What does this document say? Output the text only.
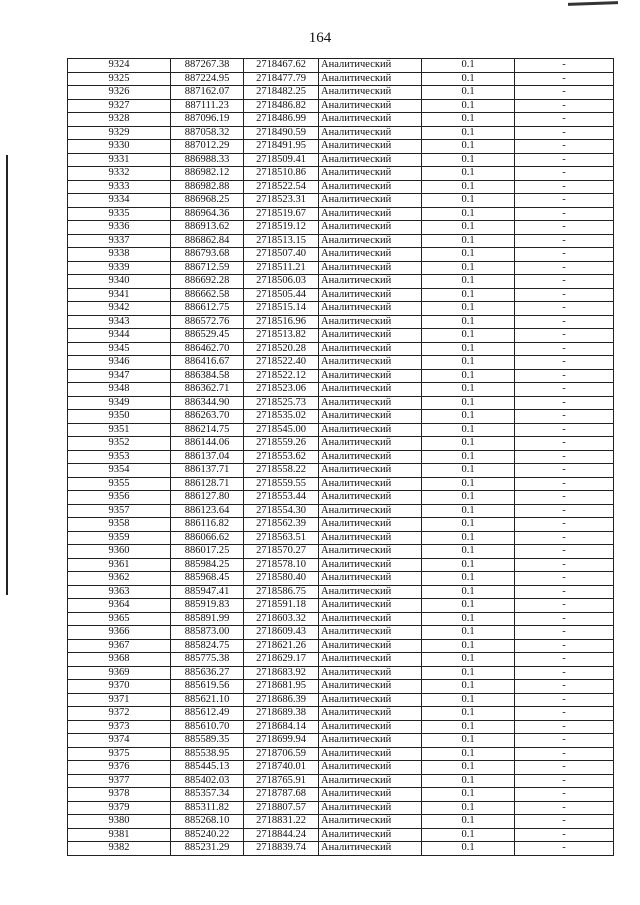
164
9324	887267.38	2718467.62	Аналитический	0.1	-
9325	887224.95	2718477.79	Аналитический	0.1	-
9326	887162.07	2718482.25	Аналитический	0.1	-
9327	887111.23	2718486.82	Аналитический	0.1	-
9328	887096.19	2718486.99	Аналитический	0.1	-
9329	887058.32	2718490.59	Аналитический	0.1	-
9330	887012.29	2718491.95	Аналитический	0.1	-
9331	886988.33	2718509.41	Аналитический	0.1	-
9332	886982.12	2718510.86	Аналитический	0.1	-
9333	886982.88	2718522.54	Аналитический	0.1	-
9334	886968.25	2718523.31	Аналитический	0.1	-
9335	886964.36	2718519.67	Аналитический	0.1	-
9336	886913.62	2718519.12	Аналитический	0.1	-
9337	886862.84	2718513.15	Аналитический	0.1	-
9338	886793.68	2718507.40	Аналитический	0.1	-
9339	886712.59	2718511.21	Аналитический	0.1	-
9340	886692.28	2718506.03	Аналитический	0.1	-
9341	886662.58	2718505.44	Аналитический	0.1	-
9342	886612.75	2718515.14	Аналитический	0.1	-
9343	886572.76	2718516.96	Аналитический	0.1	-
9344	886529.45	2718513.82	Аналитический	0.1	-
9345	886462.70	2718520.28	Аналитический	0.1	-
9346	886416.67	2718522.40	Аналитический	0.1	-
9347	886384.58	2718522.12	Аналитический	0.1	-
9348	886362.71	2718523.06	Аналитический	0.1	-
9349	886344.90	2718525.73	Аналитический	0.1	-
9350	886263.70	2718535.02	Аналитический	0.1	-
9351	886214.75	2718545.00	Аналитический	0.1	-
9352	886144.06	2718559.26	Аналитический	0.1	-
9353	886137.04	2718553.62	Аналитический	0.1	-
9354	886137.71	2718558.22	Аналитический	0.1	-
9355	886128.71	2718559.55	Аналитический	0.1	-
9356	886127.80	2718553.44	Аналитический	0.1	-
9357	886123.64	2718554.30	Аналитический	0.1	-
9358	886116.82	2718562.39	Аналитический	0.1	-
9359	886066.62	2718563.51	Аналитический	0.1	-
9360	886017.25	2718570.27	Аналитический	0.1	-
9361	885984.25	2718578.10	Аналитический	0.1	-
9362	885968.45	2718580.40	Аналитический	0.1	-
9363	885947.41	2718586.75	Аналитический	0.1	-
9364	885919.83	2718591.18	Аналитический	0.1	-
9365	885891.99	2718603.32	Аналитический	0.1	-
9366	885873.00	2718609.43	Аналитический	0.1	-
9367	885824.75	2718621.26	Аналитический	0.1	-
9368	885775.38	2718629.17	Аналитический	0.1	-
9369	885636.27	2718683.92	Аналитический	0.1	-
9370	885619.56	2718681.95	Аналитический	0.1	-
9371	885621.10	2718686.39	Аналитический	0.1	-
9372	885612.49	2718689.38	Аналитический	0.1	-
9373	885610.70	2718684.14	Аналитический	0.1	-
9374	885589.35	2718699.94	Аналитический	0.1	-
9375	885538.95	2718706.59	Аналитический	0.1	-
9376	885445.13	2718740.01	Аналитический	0.1	-
9377	885402.03	2718765.91	Аналитический	0.1	-
9378	885357.34	2718787.68	Аналитический	0.1	-
9379	885311.82	2718807.57	Аналитический	0.1	-
9380	885268.10	2718831.22	Аналитический	0.1	-
9381	885240.22	2718844.24	Аналитический	0.1	-
9382	885231.29	2718839.74	Аналитический	0.1	-
